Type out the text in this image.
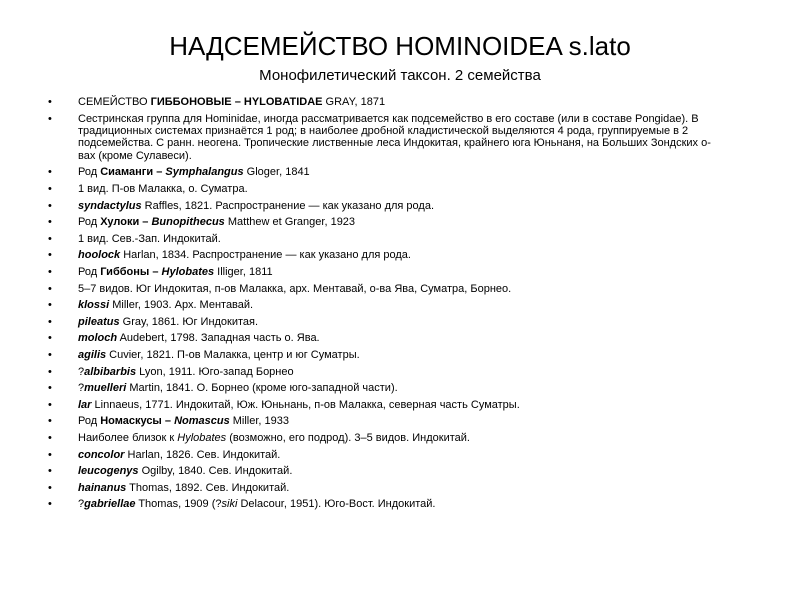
НАДСЕМЕЙСТВО HOMINOIDEA s.lato
Монофилетический таксон. 2 семейства
• СЕМЕЙСТВО ГИББОНОВЫЕ – HYLOBATIDAE GRAY, 1871
• Сестринская группа для Hominidae, иногда рассматривается как подсемейство в его составе (или в составе Pongidae). В традиционных системах признаётся 1 род; в наиболее дробной кладистической выделяются 4 рода, группируемые в 2 подсемейства. С ранн. неогена. Тропические лиственные леса Индокитая, крайнего юга Юньнаня, на Больших Зондских о-вах (кроме Сулавеси).
• Род Сиаманги – Symphalangus Gloger, 1841
• 1 вид. П-ов Малакка, о. Суматра.
• syndactylus Raffles, 1821. Распространение — как указано для рода.
• Род Хулоки – Bunopithecus Matthew et Granger, 1923
• 1 вид. Сев.-Зап. Индокитай.
• hoolock Harlan, 1834. Распространение — как указано для рода.
• Род Гиббоны – Hylobates Illiger, 1811
• 5–7 видов. Юг Индокитая, п-ов Малакка, арх. Ментавай, о-ва Ява, Суматра, Борнео.
• klossi Miller, 1903. Арх. Ментавай.
• pileatus Gray, 1861. Юг Индокитая.
• moloch Audebert, 1798. Западная часть о. Ява.
• agilis Cuvier, 1821. П-ов Малакка, центр и юг Суматры.
• ?albibarbis Lyon, 1911. Юго-запад Борнео
• ?muelleri Martin, 1841. О. Борнео (кроме юго-западной части).
• lar Linnaeus, 1771. Индокитай, Юж. Юньнань, п-ов Малакка, северная часть Суматры.
• Род Номаскусы – Nomascus Miller, 1933
• Наиболее близок к Hylobates (возможно, его подрод). 3–5 видов. Индокитай.
• concolor Harlan, 1826. Сев. Индокитай.
• leucogenys Ogilby, 1840. Сев. Индокитай.
• hainanus Thomas, 1892. Сев. Индокитай.
• ?gabriellae Thomas, 1909 (?siki Delacour, 1951). Юго-Вост. Индокитай.
